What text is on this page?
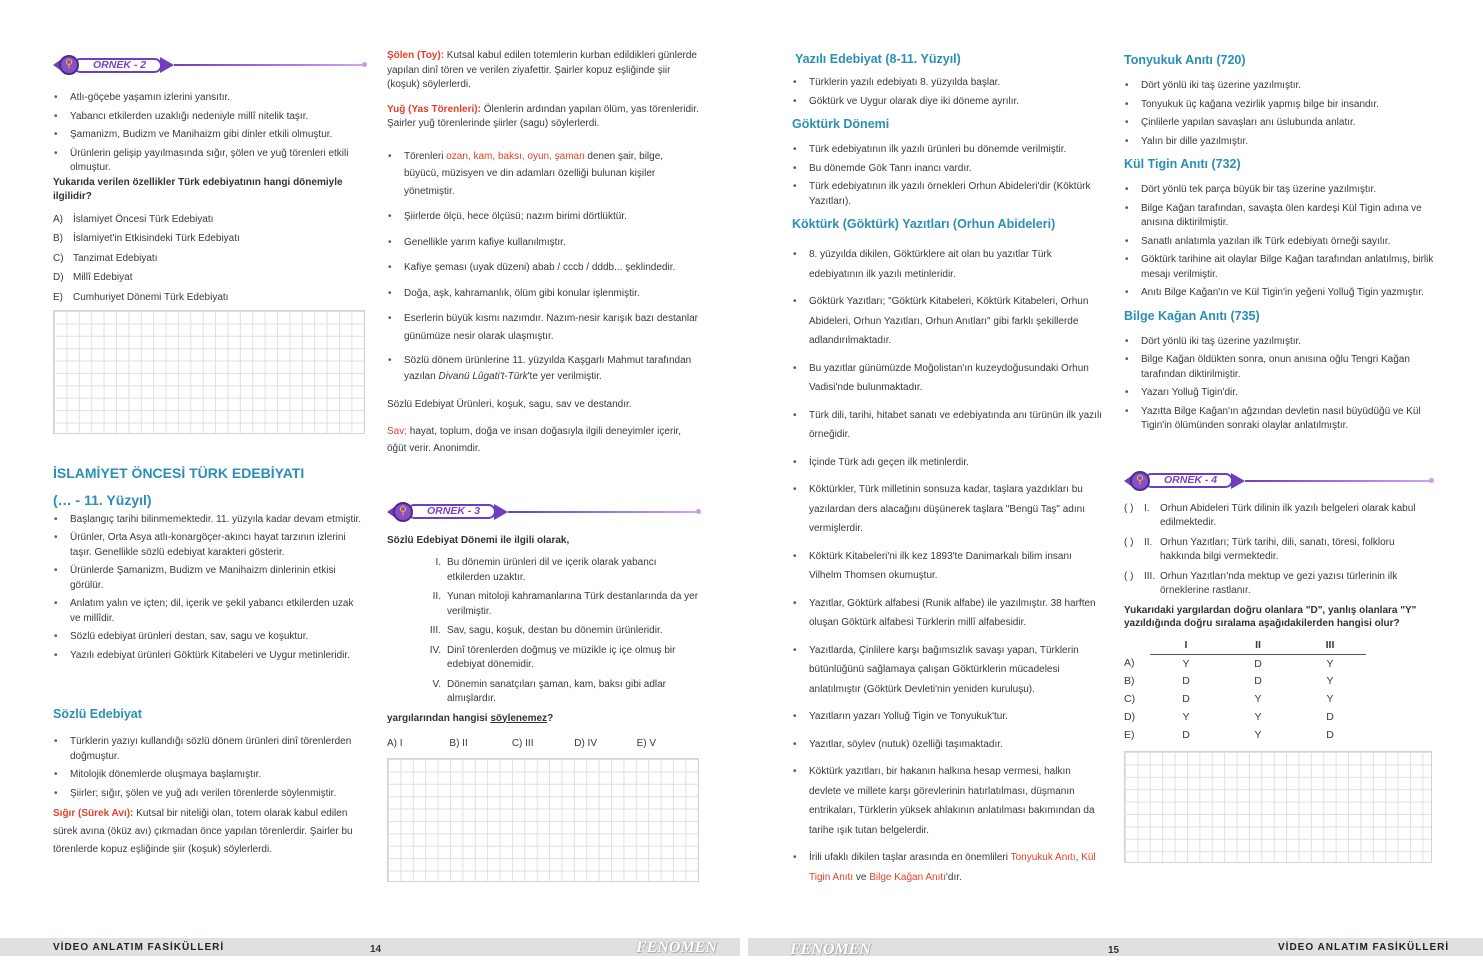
⚲	ÖRNEK - 2
• Atlı-göçebe yaşamın izlerini yansıtır.
• Yabancı etkilerden uzaklığı nedeniyle millî nitelik taşır.
• Şamanizm, Budizm ve Manihaizm gibi dinler etkili olmuştur.
• Ürünlerin gelişip yayılmasında sığır, şölen ve yuğ törenleri etkili olmuştur.
Yukarıda verilen özellikler Türk edebiyatının hangi dönemiyle ilgilidir?
A) İslamiyet Öncesi Türk Edebiyatı
B) İslamiyet'in Etkisindeki Türk Edebiyatı
C) Tanzimat Edebiyatı
D) Millî Edebiyat
E) Cumhuriyet Dönemi Türk Edebiyatı
İSLAMİYET ÖNCESİ TÜRK EDEBİYATI
(… - 11. Yüzyıl)
• Başlangıç tarihi bilinmemektedir. 11. yüzyıla kadar devam etmiştir.
• Ürünler, Orta Asya atlı-konargöçer-akıncı hayat tarzının izlerini taşır. Genellikle sözlü edebiyat karakteri gösterir.
• Ürünlerde Şamanizm, Budizm ve Manihaizm dinlerinin etkisi görülür.
• Anlatım yalın ve içten; dil, içerik ve şekil yabancı etkilerden uzak ve millîdir.
• Sözlü edebiyat ürünleri destan, sav, sagu ve koşuktur.
• Yazılı edebiyat ürünleri Göktürk Kitabeleri ve Uygur metinleridir.
Sözlü Edebiyat
• Türklerin yazıyı kullandığı sözlü dönem ürünleri dinî törenlerden doğmuştur.
• Mitolojik dönemlerde oluşmaya başlamıştır.
• Şiirler; sığır, şölen ve yuğ adı verilen törenlerde söylenmiştir.
Sığır (Sürek Avı): Kutsal bir niteliği olan, totem olarak kabul edilen sürek avına (öküz avı) çıkmadan önce yapılan törenlerdir. Şairler bu törenlerde kopuz eşliğinde şiir (koşuk) söylerlerdi.
Şölen (Toy): Kutsal kabul edilen totemlerin kurban edildikleri günlerde yapılan dinî tören ve verilen ziyafettir. Şairler kopuz eşliğinde şiir (koşuk) söylerlerdi.
Yuğ (Yas Törenleri): Ölenlerin ardından yapılan ölüm, yas törenleridir. Şairler yuğ törenlerinde şiirler (sagu) söylerlerdi.
• Törenleri ozan, kam, baksı, oyun, şaman denen şair, bilge, büyücü, müzisyen ve din adamları özelliği bulunan kişiler yönetmiştir.
• Şiirlerde ölçü, hece ölçüsü; nazım birimi dörtlüktür.
• Genellikle yarım kafiye kullanılmıştır.
• Kafiye şeması (uyak düzeni) abab / cccb / dddb... şeklindedir.
• Doğa, aşk, kahramanlık, ölüm gibi konular işlenmiştir.
• Eserlerin büyük kısmı nazımdır. Nazım-nesir karışık bazı destanlar günümüze nesir olarak ulaşmıştır.
• Sözlü dönem ürünlerine 11. yüzyılda Kaşgarlı Mahmut tarafından yazılan Divanü Lûgati't-Türk'te yer verilmiştir.
Sözlü Edebiyat Ürünleri, koşuk, sagu, sav ve destandır.
Sav; hayat, toplum, doğa ve insan doğasıyla ilgili deneyimler içerir, öğüt verir. Anonimdir.
⚲	ÖRNEK - 3
Sözlü Edebiyat Dönemi ile ilgili olarak,
I. Bu dönemin ürünleri dil ve içerik olarak yabancı etkilerden uzaktır.
II. Yunan mitoloji kahramanlarına Türk destanlarında da yer verilmiştir.
III. Sav, sagu, koşuk, destan bu dönemin ürünleridir.
IV. Dinî törenlerden doğmuş ve müzikle iç içe olmuş bir edebiyat dönemidir.
V. Dönemin sanatçıları şaman, kam, baksı gibi adlar almışlardır.
yargılarından hangisi söylenemez?
A) I	B) II	C) III	D) IV	E) V
Yazılı Edebiyat (8-11. Yüzyıl)
• Türklerin yazılı edebiyatı 8. yüzyılda başlar.
• Göktürk ve Uygur olarak diye iki döneme ayrılır.
Göktürk Dönemi
• Türk edebiyatının ilk yazılı ürünleri bu dönemde verilmiştir.
• Bu dönemde Gök Tanrı inancı vardır.
• Türk edebiyatının ilk yazılı örnekleri Orhun Abideleri'dir (Köktürk Yazıtları).
Köktürk (Göktürk) Yazıtları (Orhun Abideleri)
• 8. yüzyılda dikilen, Göktürklere ait olan bu yazıtlar Türk edebiyatının ilk yazılı metinleridir.
• Göktürk Yazıtları; "Göktürk Kitabeleri, Köktürk Kitabeleri, Orhun Abideleri, Orhun Yazıtları, Orhun Anıtları" gibi farklı şekillerde adlandırılmaktadır.
• Bu yazıtlar günümüzde Moğolistan'ın kuzeydoğusundaki Orhun Vadisi'nde bulunmaktadır.
• Türk dili, tarihi, hitabet sanatı ve edebiyatında anı türünün ilk yazılı örneğidir.
• İçinde Türk adı geçen ilk metinlerdir.
• Köktürkler, Türk milletinin sonsuza kadar, taşlara yazdıkları bu yazılardan ders alacağını düşünerek taşlara "Bengü Taş" adını vermişlerdir.
• Köktürk Kitabeleri'ni ilk kez 1893'te Danimarkalı bilim insanı Vilhelm Thomsen okumuştur.
• Yazıtlar, Göktürk alfabesi (Runik alfabe) ile yazılmıştır. 38 harften oluşan Göktürk alfabesi Türklerin millî alfabesidir.
• Yazıtlarda, Çinlilere karşı bağımsızlık savaşı yapan, Türklerin bütünlüğünü sağlamaya çalışan Göktürklerin mücadelesi anlatılmıştır (Göktürk Devleti'nin yeniden kuruluşu).
• Yazıtların yazarı Yolluğ Tigin ve Tonyukuk'tur.
• Yazıtlar, söylev (nutuk) özelliği taşımaktadır.
• Köktürk yazıtları, bir hakanın halkına hesap vermesi, halkın devlete ve millete karşı görevlerinin hatırlatılması, düşmanın entrikaları, Türklerin yüksek ahlakının anlatılması bakımından da tarihe ışık tutan belgelerdir.
• İrili ufaklı dikilen taşlar arasında en önemlileri Tonyukuk Anıtı, Kül Tigin Anıtı ve Bilge Kağan Anıtı'dır.
Tonyukuk Anıtı (720)
• Dört yönlü iki taş üzerine yazılmıştır.
• Tonyukuk üç kağana vezirlik yapmış bilge bir insandır.
• Çinlilerle yapılan savaşları anı üslubunda anlatır.
• Yalın bir dille yazılmıştır.
Kül Tigin Anıtı (732)
• Dört yönlü tek parça büyük bir taş üzerine yazılmıştır.
• Bilge Kağan tarafından, savaşta ölen kardeşi Kül Tigin adına ve anısına diktirilmiştir.
• Sanatlı anlatımla yazılan ilk Türk edebiyatı örneği sayılır.
• Göktürk tarihine ait olaylar Bilge Kağan tarafından anlatılmış, birlik mesajı verilmiştir.
• Anıtı Bilge Kağan'ın ve Kül Tigin'in yeğeni Yolluğ Tigin yazmıştır.
Bilge Kağan Anıtı (735)
• Dört yönlü iki taş üzerine yazılmıştır.
• Bilge Kağan öldükten sonra, onun anısına oğlu Tengri Kağan tarafından diktirilmiştir.
• Yazarı Yolluğ Tigin'dir.
• Yazıtta Bilge Kağan'ın ağzından devletin nasıl büyüdüğü ve Kül Tigin'in ölümünden sonraki olaylar anlatılmıştır.
⚲	ÖRNEK - 4
( ) I. Orhun Abideleri Türk dilinin ilk yazılı belgeleri olarak kabul edilmektedir.
( ) II. Orhun Yazıtları; Türk tarihi, dili, sanatı, töresi, folkloru hakkında bilgi vermektedir.
( ) III. Orhun Yazıtları'nda mektup ve gezi yazısı türlerinin ilk örneklerine rastlanır.
Yukarıdaki yargılardan doğru olanlara "D", yanlış olanlara "Y" yazıldığında doğru sıralama aşağıdakilerden hangisi olur?
	I	II	III
A)	Y	D	Y
B)	D	D	Y
C)	D	Y	Y
D)	Y	Y	D
E)	D	Y	D
VİDEO ANLATIM FASİKÜLLERİ	14	FENOMEN	FENOMEN	15	VİDEO ANLATIM FASİKÜLLERİ
